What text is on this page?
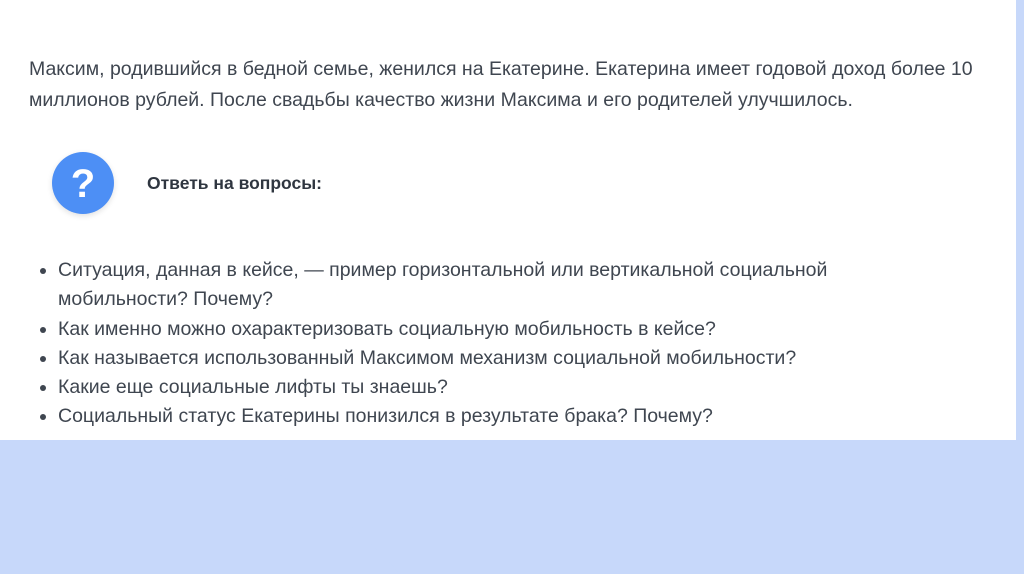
Максим, родившийся в бедной семье, женился на Екатерине. Екатерина имеет годовой доход более 10 миллионов рублей. После свадьбы качество жизни Максима и его родителей улучшилось.

?	Ответь на вопросы:
Ситуация, данная в кейсе, — пример горизонтальной или вертикальной социальной мобильности? Почему?
Как именно можно охарактеризовать социальную мобильность в кейсе?
Как называется использованный Максимом механизм социальной мобильности?
Какие еще социальные лифты ты знаешь?
Социальный статус Екатерины понизился в результате брака? Почему?
